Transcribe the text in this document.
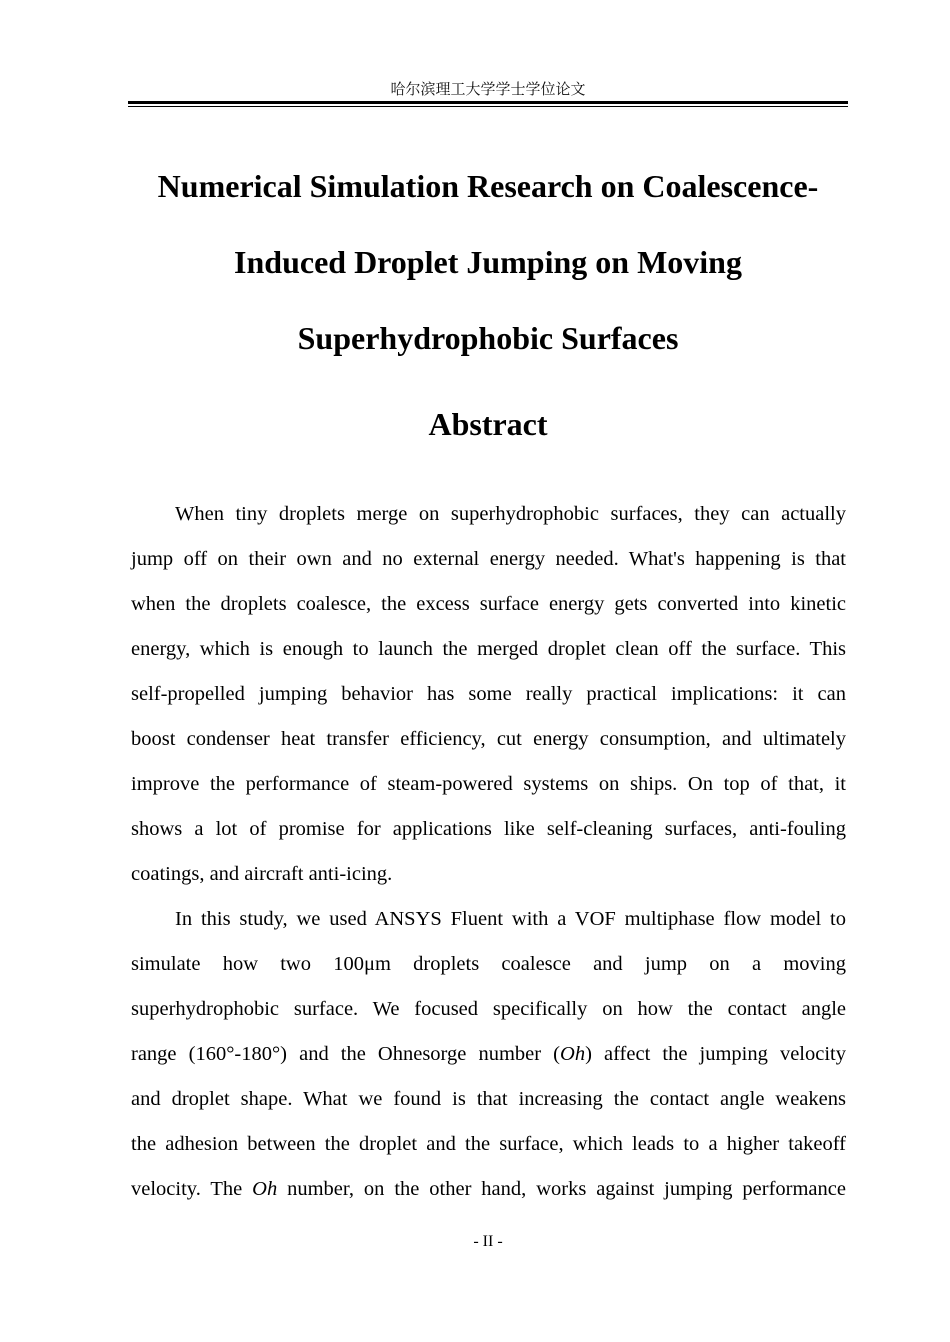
哈尔滨理工大学学士学位论文
Numerical Simulation Research on Coalescence-
Induced Droplet Jumping on Moving
Superhydrophobic Surfaces
Abstract
When tiny droplets merge on superhydrophobic surfaces, they can actually
jump off on their own and no external energy needed. What's happening is that
when the droplets coalesce, the excess surface energy gets converted into kinetic
energy, which is enough to launch the merged droplet clean off the surface. This
self-propelled jumping behavior has some really practical implications: it can
boost condenser heat transfer efficiency, cut energy consumption, and ultimately
improve the performance of steam-powered systems on ships. On top of that, it
shows a lot of promise for applications like self-cleaning surfaces, anti-fouling
coatings, and aircraft anti-icing.
In this study, we used ANSYS Fluent with a VOF multiphase flow model to
simulate how two 100μm droplets coalesce and jump on a moving
superhydrophobic surface. We focused specifically on how the contact angle
range (160°-180°) and the Ohnesorge number (Oh) affect the jumping velocity
and droplet shape. What we found is that increasing the contact angle weakens
the adhesion between the droplet and the surface, which leads to a higher takeoff
velocity. The Oh number, on the other hand, works against jumping performance
- II -
